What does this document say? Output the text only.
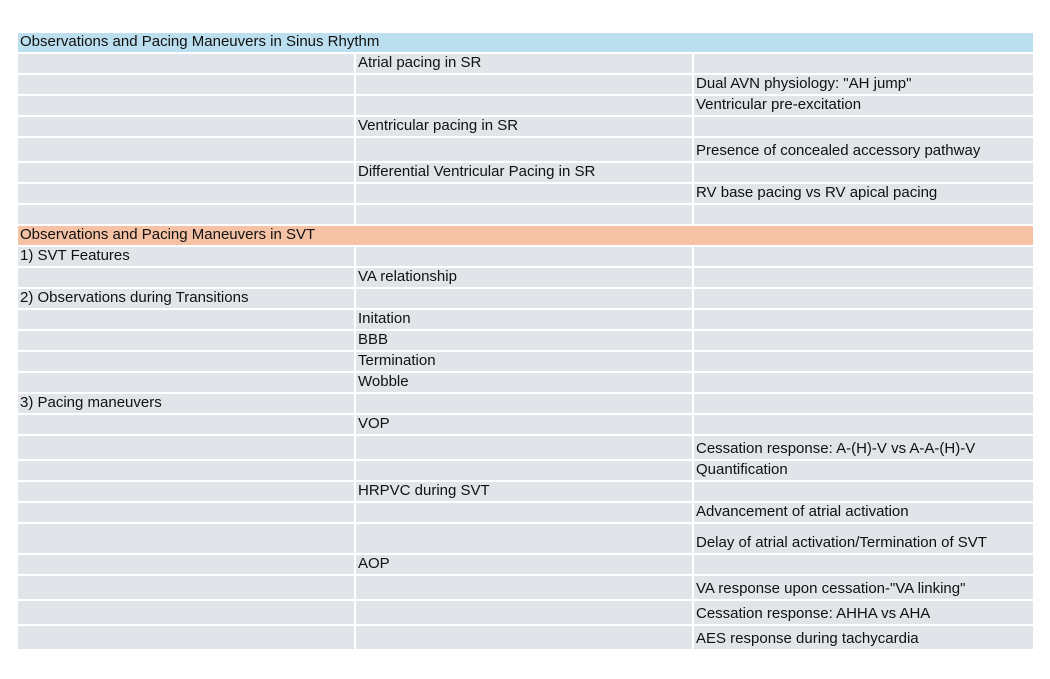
Observations and Pacing Maneuvers in Sinus Rhythm
Atrial pacing in SR
Dual AVN physiology: "AH jump"
Ventricular pre-excitation
Ventricular pacing in SR
Presence of concealed accessory pathway
Differential Ventricular Pacing in SR
RV base pacing vs RV apical pacing
Observations and Pacing Maneuvers in SVT
1) SVT Features
VA relationship
2) Observations during Transitions
Initation
BBB
Termination
Wobble
3) Pacing maneuvers
VOP
Cessation response: A-(H)-V vs A-A-(H)-V
Quantification
HRPVC during SVT
Advancement of atrial activation
Delay of atrial activation/Termination of SVT
AOP
VA response upon cessation-"VA linking"
Cessation response: AHHA vs AHA
AES response during tachycardia
